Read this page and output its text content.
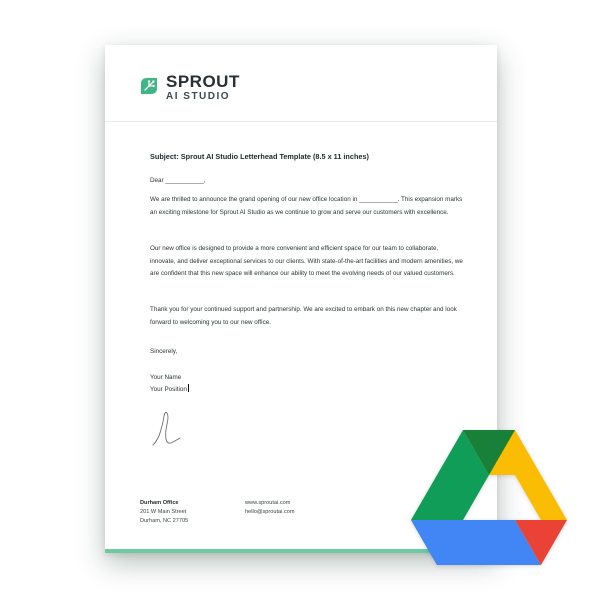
SPROUT
AI STUDIO
Subject: Sprout AI Studio Letterhead Template (8.5 x 11 inches)

Dear ___________,

We are thrilled to announce the grand opening of our new office location in ___________. This expansion marks an exciting milestone for Sprout AI Studio as we continue to grow and serve our customers with excellence.

Our new office is designed to provide a more convenient and efficient space for our team to collaborate, innovate, and deliver exceptional services to our clients. With state-of-the-art facilities and modern amenities, we are confident that this new space will enhance our ability to meet the evolving needs of our valued customers.

Thank you for your continued support and partnership. We are excited to embark on this new chapter and look forward to welcoming you to our new office.

Sincerely,

Your Name

Your Position

Durham Office
201 W Main Street
Durham, NC 27705
www.sproutai.com
hello@sproutai.com
